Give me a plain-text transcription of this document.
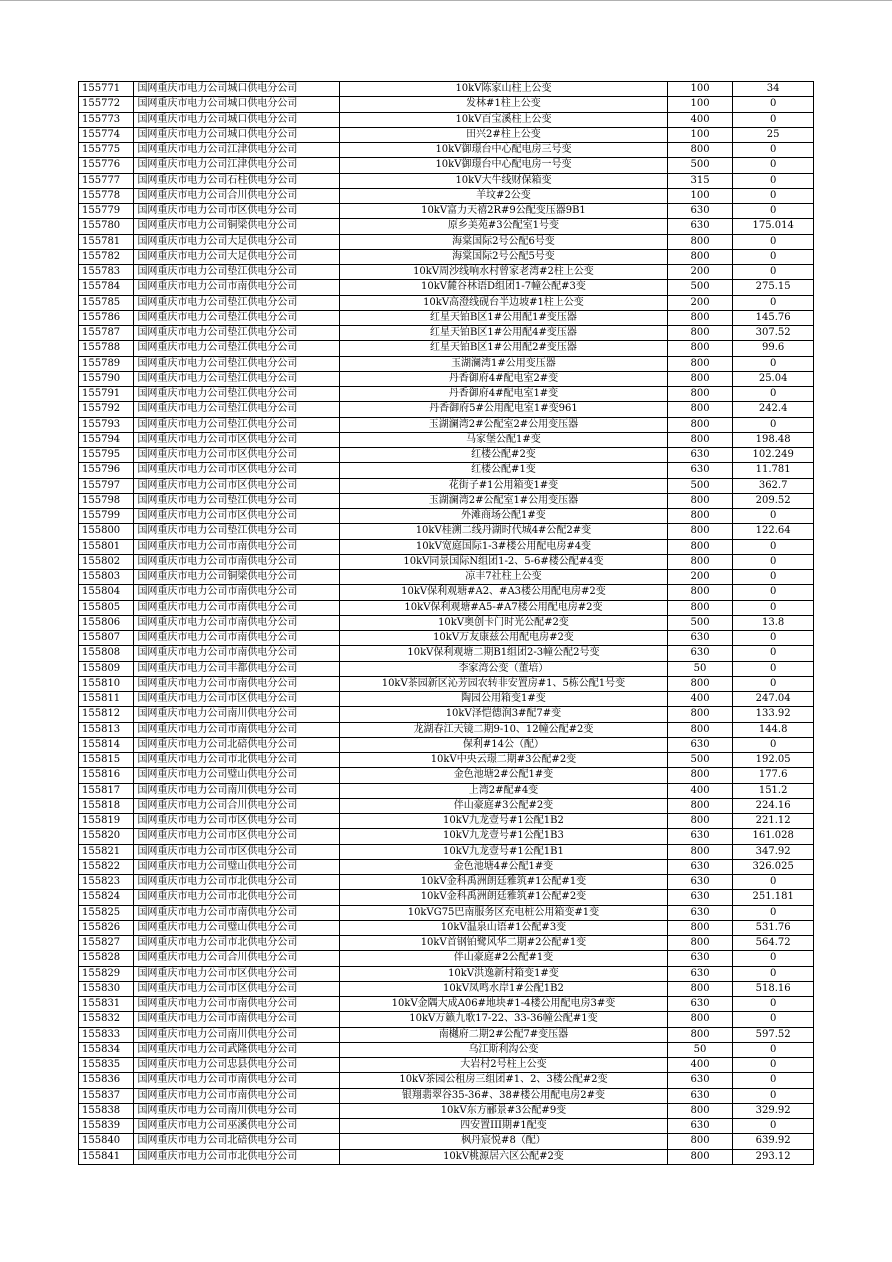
155771	国网重庆市电力公司城口供电分公司	10kV陈家山柱上公变	100	34
155772	国网重庆市电力公司城口供电分公司	发林#1柱上公变	100	0
155773	国网重庆市电力公司城口供电分公司	10kV百宝溪柱上公变	400	0
155774	国网重庆市电力公司城口供电分公司	田兴2#柱上公变	100	25
155775	国网重庆市电力公司江津供电分公司	10kV御璟台中心配电房三号变	800	0
155776	国网重庆市电力公司江津供电分公司	10kV御璟台中心配电房一号变	500	0
155777	国网重庆市电力公司石柱供电分公司	10kV大牛线财保箱变	315	0
155778	国网重庆市电力公司合川供电分公司	羊坟#2公变	100	0
155779	国网重庆市电力公司市区供电分公司	10kV富力天禧2R#9公配变压器9B1	630	0
155780	国网重庆市电力公司铜梁供电分公司	原乡美苑#3公配室1号变	630	175.014
155781	国网重庆市电力公司大足供电分公司	海棠国际2号公配6号变	800	0
155782	国网重庆市电力公司大足供电分公司	海棠国际2号公配5号变	800	0
155783	国网重庆市电力公司垫江供电分公司	10kV周沙线响水村曾家老湾#2柱上公变	200	0
155784	国网重庆市电力公司市南供电分公司	10kV麓谷林语D组团1-7幢公配#3变	500	275.15
155785	国网重庆市电力公司垫江供电分公司	10kV高澄线砚台半边坡#1柱上公变	200	0
155786	国网重庆市电力公司垫江供电分公司	红星天铂B区1#公用配1#变压器	800	145.76
155787	国网重庆市电力公司垫江供电分公司	红星天铂B区1#公用配4#变压器	800	307.52
155788	国网重庆市电力公司垫江供电分公司	红星天铂B区1#公用配2#变压器	800	99.6
155789	国网重庆市电力公司垫江供电分公司	玉湖澜湾1#公用变压器	800	0
155790	国网重庆市电力公司垫江供电分公司	丹香御府4#配电室2#变	800	25.04
155791	国网重庆市电力公司垫江供电分公司	丹香御府4#配电室1#变	800	0
155792	国网重庆市电力公司垫江供电分公司	丹香御府5#公用配电室1#变961	800	242.4
155793	国网重庆市电力公司垫江供电分公司	玉湖澜湾2#公配室2#公用变压器	800	0
155794	国网重庆市电力公司市区供电分公司	马家堡公配1#变	800	198.48
155795	国网重庆市电力公司市区供电分公司	红楼公配#2变	630	102.249
155796	国网重庆市电力公司市区供电分公司	红楼公配#1变	630	11.781
155797	国网重庆市电力公司市区供电分公司	花街子#1公用箱变1#变	500	362.7
155798	国网重庆市电力公司垫江供电分公司	玉湖澜湾2#公配室1#公用变压器	800	209.52
155799	国网重庆市电力公司市区供电分公司	外滩商场公配1#变	800	0
155800	国网重庆市电力公司垫江供电分公司	10kV桂溯二线丹湖时代城4#公配2#变	800	122.64
155801	国网重庆市电力公司市南供电分公司	10kV宽庭国际1-3#楼公用配电房#4变	800	0
155802	国网重庆市电力公司市南供电分公司	10kV同景国际N组团1-2、5-6#楼公配#4变	800	0
155803	国网重庆市电力公司铜梁供电分公司	凉丰7社柱上公变	200	0
155804	国网重庆市电力公司市南供电分公司	10kV保利观塘#A2、#A3楼公用配电房#2变	800	0
155805	国网重庆市电力公司市南供电分公司	10kV保利观塘#A5-#A7楼公用配电房#2变	800	0
155806	国网重庆市电力公司市南供电分公司	10kV奥创卡门时光公配#2变	500	13.8
155807	国网重庆市电力公司市南供电分公司	10kV万友康兹公用配电房#2变	630	0
155808	国网重庆市电力公司市南供电分公司	10kV保利观塘二期B1组团2-3幢公配2号变	630	0
155809	国网重庆市电力公司丰都供电分公司	李家湾公变（董培）	50	0
155810	国网重庆市电力公司市南供电分公司	10kV茶园新区沁芳园农转非安置房#1、5栋公配1号变	800	0
155811	国网重庆市电力公司市区供电分公司	陶园公用箱变1#变	400	247.04
155812	国网重庆市电力公司南川供电分公司	10kV泽恺德润3#配7#变	800	133.92
155813	国网重庆市电力公司市南供电分公司	龙湖春江天镜二期9-10、12幢公配#2变	800	144.8
155814	国网重庆市电力公司北碚供电分公司	保利#14公（配）	630	0
155815	国网重庆市电力公司市北供电分公司	10kV中央云璟二期#3公配#2变	500	192.05
155816	国网重庆市电力公司璧山供电分公司	金色池塘2#公配1#变	800	177.6
155817	国网重庆市电力公司南川供电分公司	上湾2#配#4变	400	151.2
155818	国网重庆市电力公司合川供电分公司	伴山豪庭#3公配#2变	800	224.16
155819	国网重庆市电力公司市区供电分公司	10kV九龙壹号#1公配1B2	800	221.12
155820	国网重庆市电力公司市区供电分公司	10kV九龙壹号#1公配1B3	630	161.028
155821	国网重庆市电力公司市区供电分公司	10kV九龙壹号#1公配1B1	800	347.92
155822	国网重庆市电力公司璧山供电分公司	金色池塘4#公配1#变	630	326.025
155823	国网重庆市电力公司市北供电分公司	10kV金科禹洲朗廷雅筑#1公配#1变	630	0
155824	国网重庆市电力公司市北供电分公司	10kV金科禹洲朗廷雅筑#1公配#2变	630	251.181
155825	国网重庆市电力公司市南供电分公司	10kVG75巴南服务区充电桩公用箱变#1变	630	0
155826	国网重庆市电力公司璧山供电分公司	10kV温泉山语#1公配#3变	800	531.76
155827	国网重庆市电力公司市北供电分公司	10kV首钢铂鹭风华二期#2公配#1变	800	564.72
155828	国网重庆市电力公司合川供电分公司	伴山豪庭#2公配#1变	630	0
155829	国网重庆市电力公司市区供电分公司	10kV洪逸新村箱变1#变	630	0
155830	国网重庆市电力公司市区供电分公司	10kV凤鸣水岸1#公配1B2	800	518.16
155831	国网重庆市电力公司市南供电分公司	10kV金隅大成A06#地块#1-4楼公用配电房3#变	630	0
155832	国网重庆市电力公司市南供电分公司	10kV万籁九歌17-22、33-36幢公配#1变	800	0
155833	国网重庆市电力公司南川供电分公司	南樾府二期2#公配7#变压器	800	597.52
155834	国网重庆市电力公司武隆供电分公司	乌江斯利沟公变	50	0
155835	国网重庆市电力公司忠县供电分公司	大岩村2号柱上公变	400	0
155836	国网重庆市电力公司市南供电分公司	10kV茶园公租房三组团#1、2、3楼公配#2变	630	0
155837	国网重庆市电力公司市南供电分公司	银翔翡翠谷35-36#、38#楼公用配电房2#变	630	0
155838	国网重庆市电力公司南川供电分公司	10kV东方郦景#3公配#9变	800	329.92
155839	国网重庆市电力公司巫溪供电分公司	四安置III期#1配变	630	0
155840	国网重庆市电力公司北碚供电分公司	枫丹宸悦#8（配）	800	639.92
155841	国网重庆市电力公司市北供电分公司	10kV桃源居六区公配#2变	800	293.12
